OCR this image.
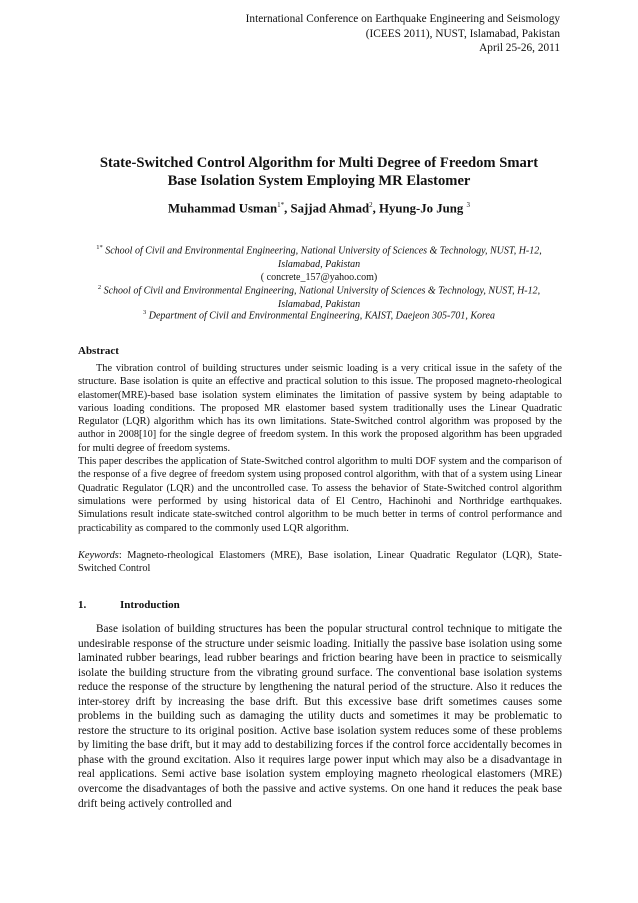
International Conference on Earthquake Engineering and Seismology
(ICEES 2011), NUST, Islamabad, Pakistan
April 25-26, 2011
State-Switched Control Algorithm for Multi Degree of Freedom Smart
Base Isolation System Employing MR Elastomer
Muhammad Usman$^{1*}$, Sajjad Ahmad$^2$, Hyung-Jo Jung $^3$
$^{1*}$ School of Civil and Environmental Engineering, National University of Sciences & Technology, NUST, H-12,
Islamabad, Pakistan
( concrete_157@yahoo.com)
$^2$ School of Civil and Environmental Engineering, National University of Sciences & Technology, NUST, H-12,
Islamabad, Pakistan
$^3$ Department of Civil and Environmental Engineering, KAIST, Daejeon 305-701, Korea
Abstract

The vibration control of building structures under seismic loading is a very critical issue in the safety of the structure. Base isolation is quite an effective and practical solution to this issue. The proposed magneto-rheological elastomer(MRE)-based base isolation system eliminates the limitation of passive system by being adaptable to various loading conditions. The proposed MR elastomer based system traditionally uses the Linear Quadratic Regulator (LQR) algorithm which has its own limitations. State-Switched control algorithm was proposed by the author in 2008[10] for the single degree of freedom system. In this work the proposed algorithm has been upgraded for multi degree of freedom systems.

This paper describes the application of State-Switched control algorithm to multi DOF system and the comparison of the response of a five degree of freedom system using proposed control algorithm, with that of a system using Linear Quadratic Regulator (LQR) and the uncontrolled case. To assess the behavior of State-Switched control algorithm simulations were performed by using historical data of El Centro, Hachinohi and Northridge earthquakes. Simulations result indicate state-switched control algorithm to be much better in terms of control performance and practicability as compared to the commonly used LQR algorithm.

Keywords: Magneto-rheological Elastomers (MRE), Base isolation, Linear Quadratic Regulator (LQR), State-Switched Control
1.	Introduction
Base isolation of building structures has been the popular structural control technique to mitigate the undesirable response of the structure under seismic loading. Initially the passive base isolation using some laminated rubber bearings, lead rubber bearings and friction bearing have been in practice to seismically isolate the building structure from the vibrating ground surface. The conventional base isolation systems reduce the response of the structure by lengthening the natural period of the structure. Also it reduces the inter-storey drift by increasing the base drift. But this excessive base drift sometimes causes some problems in the building such as damaging the utility ducts and sometimes it may be problematic to restore the structure to its original position. Active base isolation system reduces some of these problems by limiting the base drift, but it may add to destabilizing forces if the control force accidentally becomes in phase with the ground excitation. Also it requires large power input which may also be a disadvantage in real applications. Semi active base isolation system employing magneto rheological elastomers (MRE) overcome the disadvantages of both the passive and active systems. On one hand it reduces the peak base drift being actively controlled and
